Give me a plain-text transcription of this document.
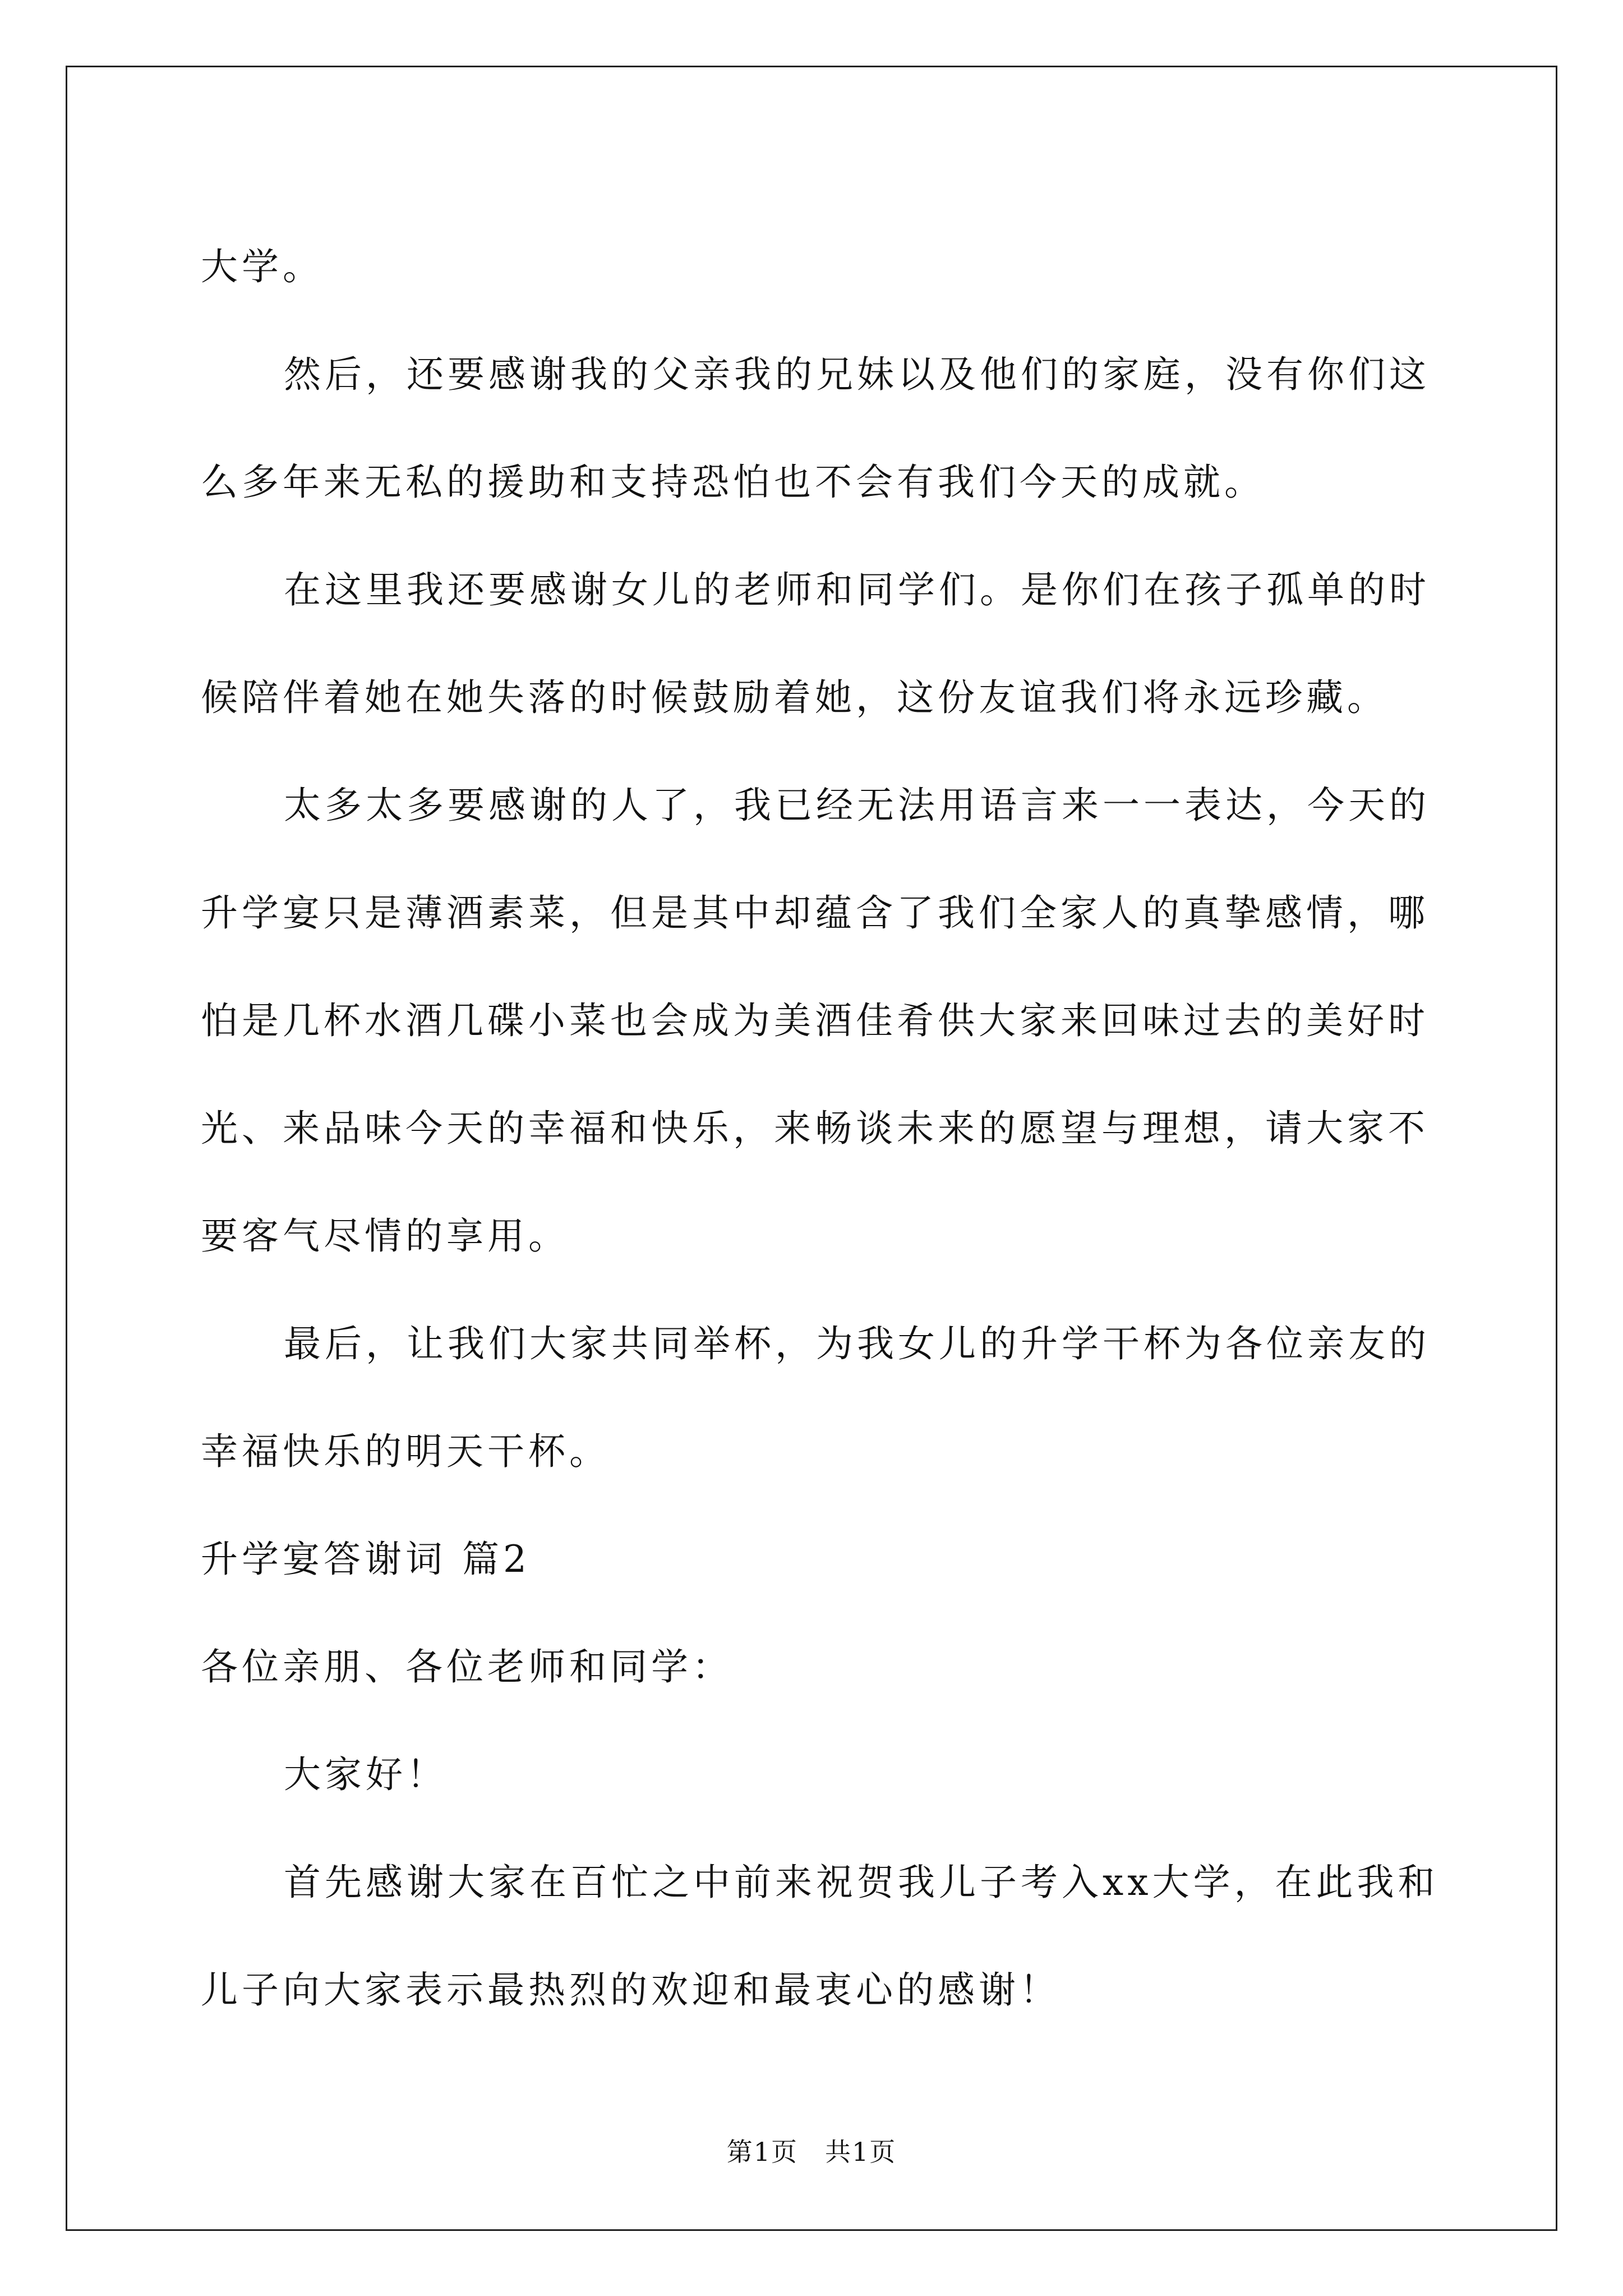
大学。
然后，还要感谢我的父亲我的兄妹以及他们的家庭，没有你们这
么多年来无私的援助和支持恐怕也不会有我们今天的成就。
在这里我还要感谢女儿的老师和同学们。是你们在孩子孤单的时
候陪伴着她在她失落的时候鼓励着她，这份友谊我们将永远珍藏。
太多太多要感谢的人了，我已经无法用语言来一一表达，今天的
升学宴只是薄酒素菜，但是其中却蕴含了我们全家人的真挚感情，哪
怕是几杯水酒几碟小菜也会成为美酒佳肴供大家来回味过去的美好时
光、来品味今天的幸福和快乐，来畅谈未来的愿望与理想，请大家不
要客气尽情的享用。
最后，让我们大家共同举杯，为我女儿的升学干杯为各位亲友的
幸福快乐的明天干杯。
升学宴答谢词 篇2
各位亲朋、各位老师和同学：
大家好！
首先感谢大家在百忙之中前来祝贺我儿子考入xx大学，在此我和
儿子向大家表示最热烈的欢迎和最衷心的感谢！
第1页 共1页
